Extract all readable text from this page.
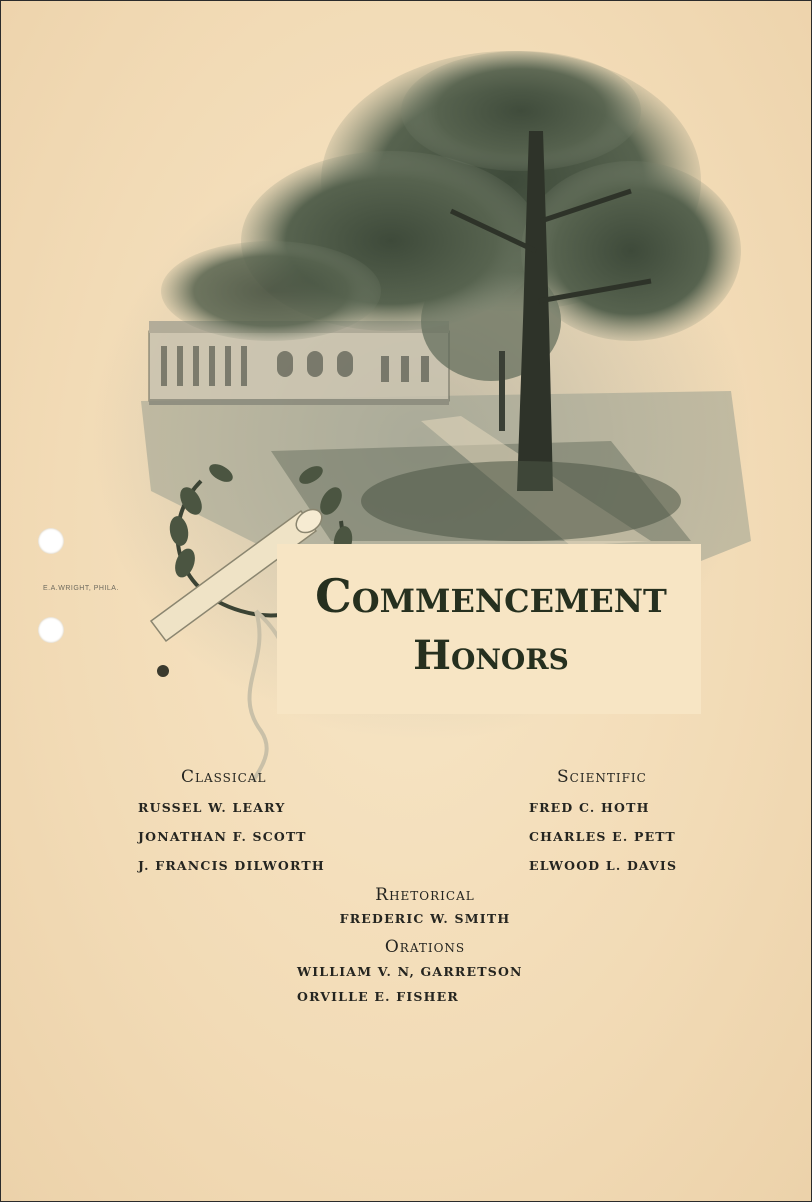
E.A.WRIGHT, PHILA.	Commencement
Honors
Classical
RUSSEL W. LEARY
JONATHAN F. SCOTT
J. FRANCIS DILWORTH
Scientific
FRED C. HOTH
CHARLES E. PETT
ELWOOD L. DAVIS
Rhetorical
FREDERIC W. SMITH
Orations
WILLIAM V. N, GARRETSON
ORVILLE E. FISHER
